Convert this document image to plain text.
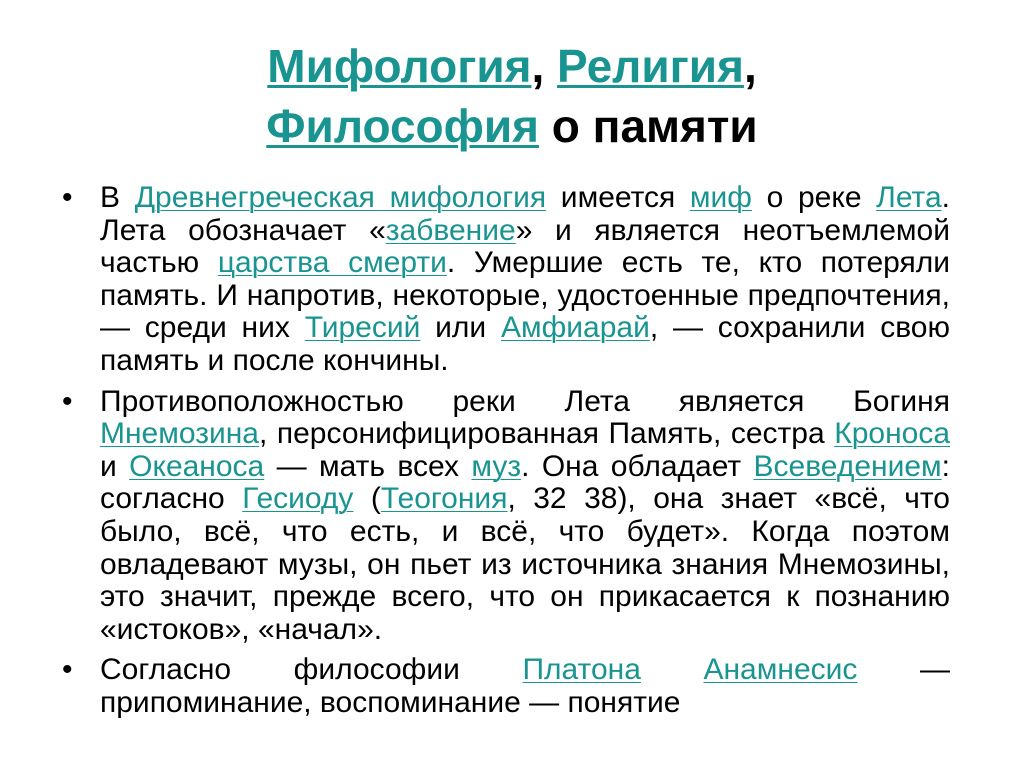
Мифология, Религия,
Философия о памяти
• В Древнегреческая мифология имеется миф о реке Лета. Лета обозначает «забвение» и является неотъемлемой частью царства смерти. Умершие есть те, кто потеряли память. И напротив, некоторые, удостоенные предпочтения, — среди них Тиресий или Амфиарай, — сохранили свою память и после кончины.
• Противоположностью реки Лета является Богиня Мнемозина, персонифицированная Память, сестра Кроноса и Океаноса — мать всех муз. Она обладает Всеведением: согласно Гесиоду (Теогония, 32 38), она знает «всё, что было, всё, что есть, и всё, что будет». Когда поэтом овладевают музы, он пьет из источника знания Мнемозины, это значит, прежде всего, что он прикасается к познанию «истоков», «начал».
• Согласно философии Платона Анамнесис — припоминание, воспоминание — понятие
